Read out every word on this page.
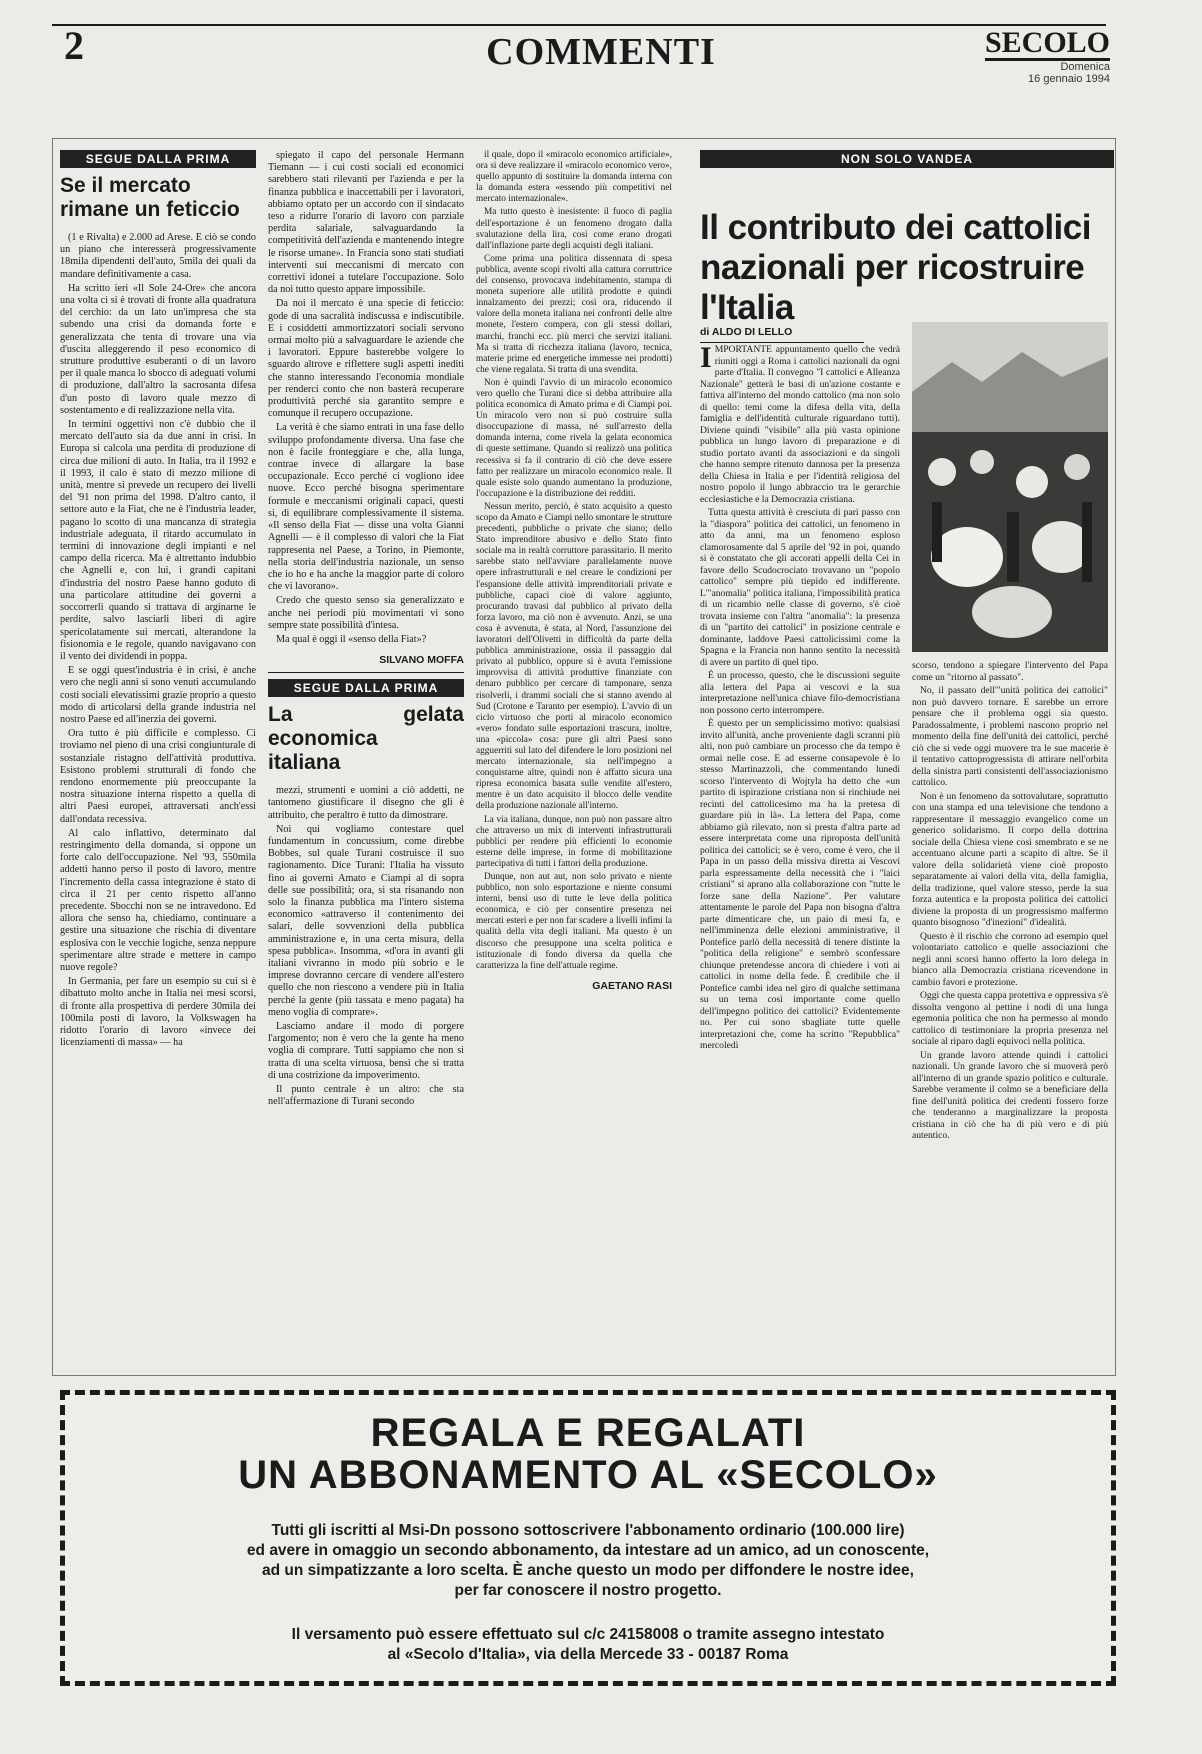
2	COMMENTI	SECOLO
Domenica
16 gennaio 1994
SEGUE DALLA PRIMA
Se il mercato
rimane un feticcio

(1 e Rivalta) e 2.000 ad Arese. E ciò se condo un piano che interesserà progressivamente 18mila dipendenti dell'auto, 5mila dei quali da mandare definitivamente a casa.

Ha scritto ieri «Il Sole 24-Ore» che ancora una volta ci si è trovati di fronte alla quadratura del cerchio: da un lato un'impresa che sta subendo una crisi da domanda forte e generalizzata che tenta di trovare una via d'uscita alleggerendo il peso economico di strutture produttive esuberanti o di un lavoro per il quale manca lo sbocco di adeguati volumi di produzione, dall'altro la sacrosanta difesa d'un posto di lavoro quale mezzo di sostentamento e di realizzazione nella vita.

In termini oggettivi non c'è dubbio che il mercato dell'auto sia da due anni in crisi. In Europa si calcola una perdita di produzione di circa due milioni di auto. In Italia, tra il 1992 e il 1993, il calo è stato di mezzo milione di unità, mentre si prevede un recupero dei livelli del '91 non prima del 1998. D'altro canto, il settore auto e la Fiat, che ne è l'industria leader, pagano lo scotto di una mancanza di strategia industriale adeguata, il ritardo accumulato in termini di innovazione degli impianti e nel campo della ricerca. Ma è altrettanto indubbio che Agnelli e, con lui, i grandi capitani d'industria del nostro Paese hanno goduto di una particolare attitudine dei governi a soccorrerli quando si trattava di arginarne le perdite, salvo lasciarli liberi di agire spericolatamente sui mercati, alterandone la fisionomia e le regole, quando navigavano con il vento dei dividendi in poppa.

E se oggi quest'industria è in crisi, è anche vero che negli anni si sono venuti accumulando costi sociali elevatissimi grazie proprio a questo modo di articolarsi della grande industria nel nostro Paese ed all'inerzia dei governi.

Ora tutto è più difficile e complesso. Ci troviamo nel pieno di una crisi congiunturale di sostanziale ristagno dell'attività produttiva. Esistono problemi strutturali di fondo che rendono enormemente più preoccupante la nostra situazione interna rispetto a quella di altri Paesi europei, attraversati anch'essi dall'ondata recessiva.

Al calo inflattivo, determinato dal restringimento della domanda, si oppone un forte calo dell'occupazione. Nel '93, 550mila addetti hanno perso il posto di lavoro, mentre l'incremento della cassa integrazione è stato di circa il 21 per cento rispetto all'anno precedente. Sbocchi non se ne intravedono. Ed allora che senso ha, chiediamo, continuare a gestire una situazione che rischia di diventare esplosiva con le vecchie logiche, senza neppure sperimentare altre strade e mettere in campo nuove regole?

In Germania, per fare un esempio su cui si è dibattuto molto anche in Italia nei mesi scorsi, di fronte alla prospettiva di perdere 30mila dei 100mila posti di lavoro, la Volkswagen ha ridotto l'orario di lavoro «invece dei licenziamenti di massa» — ha

spiegato il capo del personale Hermann Tiemann — i cui costi sociali ed economici sarebbero stati rilevanti per l'azienda e per la finanza pubblica e inaccettabili per i lavoratori, abbiamo optato per un accordo con il sindacato teso a ridurre l'orario di lavoro con parziale perdita salariale, salvaguardando la competitività dell'azienda e mantenendo integre le risorse umane». In Francia sono stati studiati interventi sui meccanismi di mercato con correttivi idonei a tutelare l'occupazione. Solo da noi tutto questo appare impossibile.

Da noi il mercato è una specie di feticcio: gode di una sacralità indiscussa e indiscutibile. E i cosiddetti ammortizzatori sociali servono ormai molto più a salvaguardare le aziende che i lavoratori. Eppure basterebbe volgere lo sguardo altrove e riflettere sugli aspetti inediti che stanno interessando l'economia mondiale per renderci conto che non basterà recuperare produttività perché sia garantito sempre e comunque il recupero occupazione.

La verità è che siamo entrati in una fase dello sviluppo profondamente diversa. Una fase che non è facile fronteggiare e che, alla lunga, contrae invece di allargare la base occupazionale. Ecco perché ci vogliono idee nuove. Ecco perché bisogna sperimentare formule e meccanismi originali capaci, questi sì, di equilibrare complessivamente il sistema. «Il senso della Fiat — disse una volta Gianni Agnelli — è il complesso di valori che la Fiat rappresenta nel Paese, a Torino, in Piemonte, nella storia dell'industria nazionale, un senso che io ho e ha anche la maggior parte di coloro che vi lavorano».

Credo che questo senso sia generalizzato e anche nei periodi più movimentati vi sono sempre state possibilità d'intesa.

Ma qual è oggi il «senso della Fiat»?

SILVANO MOFFA
SEGUE DALLA PRIMA
La gelata economica
italiana

mezzi, strumenti e uomini a ciò addetti, ne tantomeno giustificare il disegno che gli è attribuito, che peraltro è tutto da dimostrare.

Noi qui vogliamo contestare quel fundamentum in concussium, come direbbe Bobbes, sul quale Turani costruisce il suo ragionamento. Dice Turani: l'Italia ha vissuto fino ai governi Amato e Ciampi al di sopra delle sue possibilità; ora, si sta risanando non solo la finanza pubblica ma l'intero sistema economico «attraverso il contenimento dei salari, delle sovvenzioni della pubblica amministrazione e, in una certa misura, della spesa pubblica». Insomma, «d'ora in avanti gli italiani vivranno in modo più sobrio e le imprese dovranno cercare di vendere all'estero quello che non riescono a vendere più in Italia perché la gente (più tassata e meno pagata) ha meno voglia di comprare».

Lasciamo andare il modo di porgere l'argomento; non è vero che la gente ha meno voglia di comprare. Tutti sappiamo che non si tratta di una scelta virtuosa, bensì che si tratta di una costrizione da impoverimento.

Il punto centrale è un altro: che sta nell'affermazione di Turani secondo

il quale, dopo il «miracolo economico artificiale», ora si deve realizzare il «miracolo economico vero», quello appunto di sostituire la domanda interna con la domanda estera «essendo più competitivi nel mercato internazionale».

Ma tutto questo è inesistente: il fuoco di paglia dell'esportazione è un fenomeno drogato dalla svalutazione della lira, così come erano drogati dall'inflazione parte degli acquisti degli italiani.

Come prima una politica dissennata di spesa pubblica, avente scopi rivolti alla cattura corruttrice del consenso, provocava indebitamento, stampa di moneta superiore alle utilità prodotte e quindi innalzamento dei prezzi; così ora, riducendo il valore della moneta italiana nei confronti delle altre monete, l'estero compera, con gli stessi dollari, marchi, franchi ecc. più merci che servizi italiani. Ma si tratta di ricchezza italiana (lavoro, tecnica, materie prime ed energetiche immesse nei prodotti) che viene regalata. Si tratta di una svendita.

Non è quindi l'avvio di un miracolo economico vero quello che Turani dice si debba attribuire alla politica economica di Amato prima e di Ciampi poi. Un miracolo vero non si può costruire sulla disoccupazione di massa, né sull'arresto della domanda interna, come rivela la gelata economica di queste settimane. Quando si realizzò una politica recessiva si fa il contrario di ciò che deve essere fatto per realizzare un miracolo economico reale. Il quale esiste solo quando aumentano la produzione, l'occupazione e la distribuzione dei redditi.

Nessun merito, perciò, è stato acquisito a questo scopo da Amato e Ciampi nello smontare le strutture precedenti, pubbliche o private che siano; dello Stato imprenditore abusivo e dello Stato finto sociale ma in realtà corruttore parassitario. Il merito sarebbe stato nell'avviare parallelamente nuove opere infrastrutturali e nel creare le condizioni per l'espansione delle attività imprenditoriali private e pubbliche, capaci cioè di valore aggiunto, procurando travasi dal pubblico al privato della forza lavoro, ma ciò non è avvenuto. Anzi, se una cosa è avvenuta, è stata, al Nord, l'assunzione dei lavoratori dell'Olivetti in difficoltà da parte della pubblica amministrazione, ossia il passaggio dal privato al pubblico, oppure si è avuta l'emissione improvvisa di attività produttive finanziate con denaro pubblico per cercare di tamponare, senza risolverli, i drammi sociali che si stanno avendo al Sud (Crotone e Taranto per esempio). L'avvio di un ciclo virtuoso che porti al miracolo economico «vero» fondato sulle esportazioni trascura, inoltre, una «piccola» cosa: pure gli altri Paesi sono agguerriti sul lato del difendere le loro posizioni nel mercato internazionale, sia nell'impegno a conquistarne altre, quindi non è affatto sicura una ripresa economica basata sulle vendite all'estero, mentre è un dato acquisito il blocco delle vendite della produzione nazionale all'interno.

La via italiana, dunque, non può non passare altro che attraverso un mix di interventi infrastrutturali pubblici per rendere più efficienti lo economie esterne delle imprese, in forme di mobilitazione partecipativa di tutti i fattori della produzione.

Dunque, non aut aut, non solo privato e niente pubblico, non solo esportazione e niente consumi interni, bensì uso di tutte le leve della politica economica, e ciò per consentire presenza nei mercati esteri e per non far scadere a livelli infimi la qualità della vita degli italiani. Ma questo è un discorso che presuppone una scelta politica e istituzionale di fondo diversa da quella che caratterizza la fine dell'attuale regime.

GAETANO RASI
NON SOLO VANDEA
Il contributo dei cattolici
nazionali per ricostruire l'Italia
di ALDO DI LELLO

IMPORTANTE appuntamento quello che vedrà riuniti oggi a Roma i cattolici nazionali da ogni parte d'Italia. Il convegno "I cattolici e Alleanza Nazionale" getterà le basi di un'azione costante e fattiva all'interno del mondo cattolico (ma non solo di quello: temi come la difesa della vita, della famiglia e dell'identità culturale riguardano tutti). Diviene quindi "visibile" alla più vasta opinione pubblica un lungo lavoro di preparazione e di studio portato avanti da associazioni e da singoli che hanno sempre ritenuto dannosa per la presenza della Chiesa in Italia e per l'identità religiosa del nostro popolo il lungo abbraccio tra le gerarchie ecclesiastiche e la Democrazia cristiana.

Tutta questa attività è cresciuta di pari passo con la "diaspora" politica dei cattolici, un fenomeno in atto da anni, ma un fenomeno esploso clamorosamente dal 5 aprile del '92 in poi, quando si è constatato che gli accorati appelli della Cei in favore dello Scudocrociato trovavano un "popolo cattolico" sempre più tiepido ed indifferente. L'"anomalia" politica italiana, l'impossibilità pratica di un ricambio nelle classe di governo, s'è cioè trovata insieme con l'altra "anomalia": la presenza di un "partito dei cattolici" in posizione centrale e dominante, laddove Paesi cattolicissimi come la Spagna e la Francia non hanno sentito la necessità di avere un partito di quel tipo.

È un processo, questo, che le discussioni seguite alla lettera del Papa ai vescovi e la sua interpretazione nell'unica chiave filo-democristiana non possono certo interrompere.

È questo per un semplicissimo motivo: qualsiasi invito all'unità, anche proveniente dagli scranni più alti, non può cambiare un processo che da tempo è ormai nelle cose. E ad esserne consapevole è lo stesso Martinazzoli, che commentando lunedì scorso l'intervento di Wojtyla ha detto che «un partito di ispirazione cristiana non si rinchiude nei recinti del cattolicesimo ma ha la pretesa di guardare più in là». La lettera del Papa, come abbiamo già rilevato, non si presta d'altra parte ad essere interpretata come una riproposta dell'unità politica dei cattolici; se è vero, come è vero, che il Papa in un passo della missiva diretta ai Vescovi parla espressamente della necessità che i "laici cristiani" si aprano alla collaborazione con "tutte le forze sane della Nazione". Per valutare attentamente le parole del Papa non bisogna d'altra parte dimenticare che, un paio di mesi fa, e nell'imminenza delle elezioni amministrative, il Pontefice parlò della necessità di tenere distinte la "politica della religione" e sembrò sconfessare chiunque pretendesse ancora di chiedere i voti ai cattolici in nome della fede. È credibile che il Pontefice cambi idea nel giro di qualche settimana su un tema così importante come quello dell'impegno politico dei cattolici? Evidentemente no. Per cui sono sbagliate tutte quelle interpretazioni che, come ha scritto "Repubblica" mercoledì

scorso, tendono a spiegare l'intervento del Papa come un "ritorno al passato".

No, il passato dell'"unità politica dei cattolici" non può davvero tornare. E sarebbe un errore pensare che il problema oggi sia questo. Paradossalmente, i problemi nascono proprio nel momento della fine dell'unità dei cattolici, perché ciò che si vede oggi muovere tra le sue macerie è il tentativo cattoprogressista di attirare nell'orbita della sinistra parti consistenti dell'associazionismo cattolico.

Non è un fenomeno da sottovalutare, soprattutto con una stampa ed una televisione che tendono a rappresentare il messaggio evangelico come un generico solidarismo. Il corpo della dottrina sociale della Chiesa viene così smembrato e se ne accentuano alcune parti a scapito di altre. Se il valore della solidarietà viene cioè proposto separatamente ai valori della vita, della famiglia, della tradizione, quel valore stesso, perde la sua forza autentica e la proposta politica dei cattolici diviene la proposta di un progressismo malfermo quanto bisognoso "d'inezioni" d'idealità.

Questo è il rischio che corrono ad esempio quel volontariato cattolico e quelle associazioni che negli anni scorsi hanno offerto la loro delega in bianco alla Democrazia cristiana ricevendone in cambio favori e protezione.

Oggi che questa cappa protettiva e oppressiva s'è dissolta vengono al pettine i nodi di una lunga egemonia politica che non ha permesso al mondo cattolico di testimoniare la propria presenza nel sociale al riparo dagli equivoci nella politica.

Un grande lavoro attende quindi i cattolici nazionali. Un grande lavoro che si muoverà però all'interno di un grande spazio politico e culturale. Sarebbe veramente il colmo se a beneficiare della fine dell'unità politica dei credenti fossero forze che tenderanno a marginalizzare la proposta cristiana in ciò che ha di più vero e di più autentico.

REGALA E REGALATI
UN ABBONAMENTO AL «SECOLO»
Tutti gli iscritti al Msi-Dn possono sottoscrivere l'abbonamento ordinario (100.000 lire)
ed avere in omaggio un secondo abbonamento, da intestare ad un amico, ad un conoscente,
ad un simpatizzante a loro scelta. È anche questo un modo per diffondere le nostre idee,
per far conoscere il nostro progetto.
Il versamento può essere effettuato sul c/c 24158008 o tramite assegno intestato
al «Secolo d'Italia», via della Mercede 33 - 00187 Roma
